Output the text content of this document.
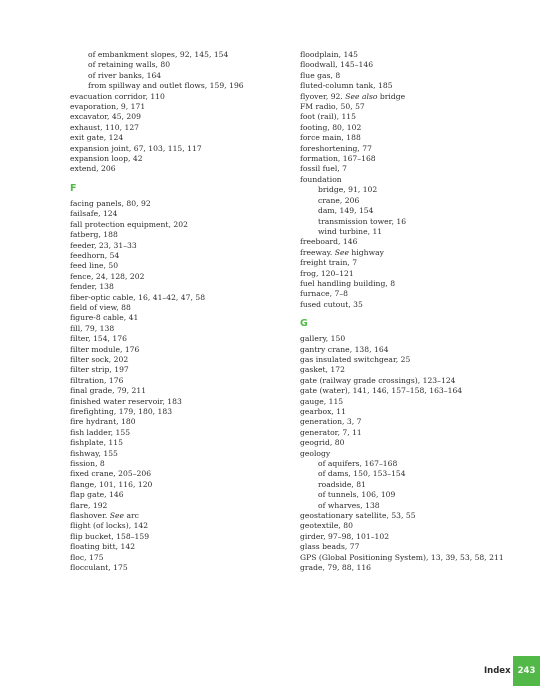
of embankment slopes, 92, 145, 154
of retaining walls, 80
of river banks, 164
from spillway and outlet flows, 159, 196
evacuation corridor, 110
evaporation, 9, 171
excavator, 45, 209
exhaust, 110, 127
exit gate, 124
expansion joint, 67, 103, 115, 117
expansion loop, 42
extend, 206
F
facing panels, 80, 92
failsafe, 124
fall protection equipment, 202
fatberg, 188
feeder, 23, 31–33
feedhorn, 54
feed line, 50
fence, 24, 128, 202
fender, 138
fiber-optic cable, 16, 41–42, 47, 58
field of view, 88
figure-8 cable, 41
fill, 79, 138
filter, 154, 176
filter module, 176
filter sock, 202
filter strip, 197
filtration, 176
final grade, 79, 211
finished water reservoir, 183
firefighting, 179, 180, 183
fire hydrant, 180
fish ladder, 155
fishplate, 115
fishway, 155
fission, 8
fixed crane, 205–206
flange, 101, 116, 120
flap gate, 146
flare, 192
flashover. See arc
flight (of locks), 142
flip bucket, 158–159
floating bitt, 142
floc, 175
flocculant, 175
floodplain, 145
floodwall, 145–146
flue gas, 8
fluted-column tank, 185
flyover, 92. See also bridge
FM radio, 50, 57
foot (rail), 115
footing, 80, 102
force main, 188
foreshortening, 77
formation, 167–168
fossil fuel, 7
foundation
bridge, 91, 102
crane, 206
dam, 149, 154
transmission tower, 16
wind turbine, 11
freeboard, 146
freeway. See highway
freight train, 7
frog, 120–121
fuel handling building, 8
furnace, 7–8
fused cutout, 35
G
gallery, 150
gantry crane, 138, 164
gas insulated switchgear, 25
gasket, 172
gate (railway grade crossings), 123–124
gate (water), 141, 146, 157–158, 163–164
gauge, 115
gearbox, 11
generation, 3, 7
generator, 7, 11
geogrid, 80
geology
of aquifers, 167–168
of dams, 150, 153–154
roadside, 81
of tunnels, 106, 109
of wharves, 138
geostationary satellite, 53, 55
geotextile, 80
girder, 97–98, 101–102
glass beads, 77
GPS (Global Positioning System), 13, 39, 53, 58, 211
grade, 79, 88, 116
Index 243
